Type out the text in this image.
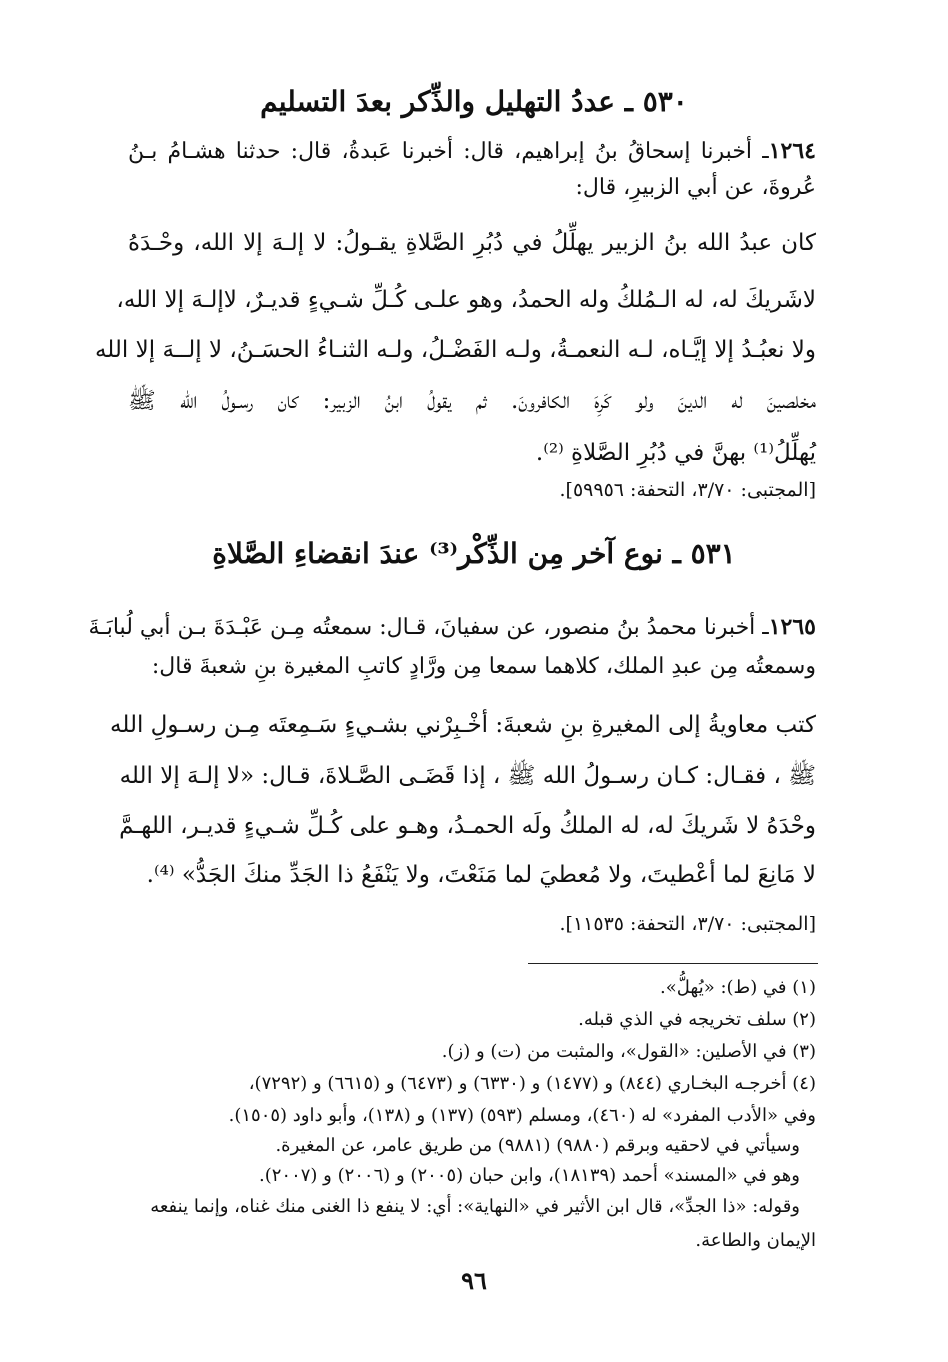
٥٣٠ ـ عددُ التهليل والذِّكر بعدَ التسليم
١٢٦٤ـ أخبرنا إسحاقُ بنُ إبراهيم، قال: أخبرنا عَبدةُ، قال: حدثنا هشـامُ بـنُ
عُروةَ، عن أبي الزبيرِ، قال:
كان عبدُ الله بنُ الزبير يهلِّلُ في دُبُرِ الصَّلاةِ يقـولُ: لا إلـهَ إلا الله، وحْـدَهُ
لاشَريكَ له، له الـمُلكُ وله الحمدُ، وهو علـى كُـلِّ شـيءٍ قديـرٌ، لاإلـهَ إلا الله،
ولا نعبُـدُ إلا إيَّـاه، لـه النعمـةُ، ولـه الفَضْـلُ، ولـه الثنـاءُ الحسَـنُ، لا إلــهَ إلا الله
مخلصينَ له الدينَ ولو كَرِهَ الكافرونَ. ثم يقولُ ابنُ الزبير: كان رسـولُ الله ﷺ
يُهلِّلُ⁽¹⁾ بهنَّ في دُبُرِ الصَّلاةِ ⁽²⁾.
[المجتبى: ٣/٧٠، التحفة: ٥٩٩٥٦].
٥٣١ ـ نوع آخر مِن الذِّكْر⁽³⁾ عندَ انقضاءِ الصَّلاةِ
١٢٦٥ـ أخبرنا محمدُ بنُ منصور، عن سفيانَ، قـال: سمعتُه مِـن عَبْـدَةَ بـن أبي لُبابَـةَ
وسمعتُه مِن عبدِ الملك، كلاهما سمعا مِن ورَّادٍ كاتبِ المغيرة بنِ شعبةَ قال:
كتب معاويةُ إلى المغيرةِ بنِ شعبةَ: أخْـبِرْني بشـيءٍ سَـمِعتَه مِـن رسـولِ الله
ﷺ ، فقـال: كـان رسـولُ الله ﷺ ، إذا قَضَـى الصَّـلاةَ، قـال: «لا إلـهَ إلا الله
وحْدَهُ لا شَريكَ له، له الملكُ ولَه الحمـدُ، وهـو على كُـلِّ شـيءٍ قديـر، اللهـمَّ
لا مَانِعَ لما أعْطيتَ، ولا مُعطيَ لما مَنَعْتَ، ولا يَنْفَعُ ذا الجَدِّ منكَ الجَدُّ» ⁽⁴⁾.
[المجتبى: ٣/٧٠، التحفة: ١١٥٣٥].
(١) في (ط): «يُهلُّ».
(٢) سلف تخريجه في الذي قبله.
(٣) في الأصلين: «القول»، والمثبت من (ت) و (ز).
(٤) أخرجـه البخـاري (٨٤٤) و (١٤٧٧) و (٦٣٣٠) و (٦٤٧٣) و (٦٦١٥) و (٧٢٩٢)،
وفي «الأدب المفرد» له (٤٦٠)، ومسلم (٥٩٣) (١٣٧) و (١٣٨)، وأبو داود (١٥٠٥).
وسيأتي في لاحقيه وبرقم (٩٨٨٠) (٩٨٨١) من طريق عامر، عن المغيرة.
وهو في «المسند» أحمد (١٨١٣٩)، وابن حبان (٢٠٠٥) و (٢٠٠٦) و (٢٠٠٧).
وقوله: «ذا الجدِّ»، قال ابن الأثير في «النهاية»: أي: لا ينفع ذا الغنى منك غناه، وإنما ينفعه
الإيمان والطاعة.
٩٦
